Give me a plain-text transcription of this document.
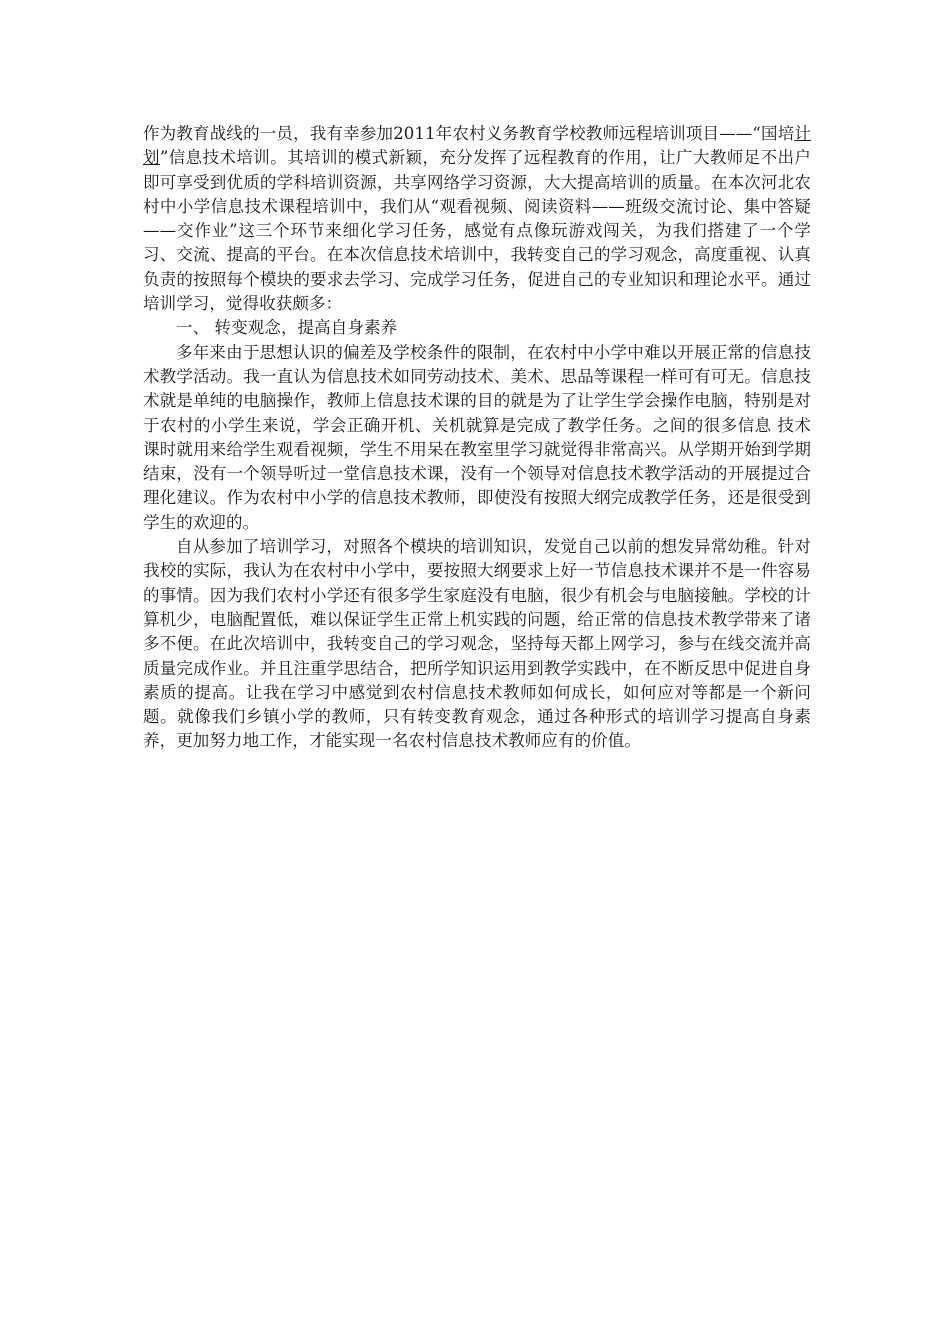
作为教育战线的一员，我有幸参加2011年农村义务教育学校教师远程培训项目——“国培计划”信息技术培训。其培训的模式新颖，充分发挥了远程教育的作用，让广大教师足不出户即可享受到优质的学科培训资源，共享网络学习资源，大大提高培训的质量。在本次河北农村中小学信息技术课程培训中，我们从“观看视频、阅读资料——班级交流讨论、集中答疑——交作业”这三个环节来细化学习任务，感觉有点像玩游戏闯关，为我们搭建了一个学习、交流、提高的平台。在本次信息技术培训中，我转变自己的学习观念，高度重视、认真负责的按照每个模块的要求去学习、完成学习任务，促进自己的专业知识和理论水平。通过培训学习，觉得收获颇多：

一、 转变观念，提高自身素养

多年来由于思想认识的偏差及学校条件的限制，在农村中小学中难以开展正常的信息技术教学活动。我一直认为信息技术如同劳动技术、美术、思品等课程一样可有可无。信息技术就是单纯的电脑操作，教师上信息技术课的目的就是为了让学生学会操作电脑，特别是对于农村的小学生来说，学会正确开机、关机就算是完成了教学任务。之间的很多信息 技术课时就用来给学生观看视频，学生不用呆在教室里学习就觉得非常高兴。从学期开始到学期结束，没有一个领导听过一堂信息技术课，没有一个领导对信息技术教学活动的开展提过合理化建议。作为农村中小学的信息技术教师，即使没有按照大纲完成教学任务，还是很受到学生的欢迎的。

自从参加了培训学习，对照各个模块的培训知识，发觉自己以前的想发异常幼稚。针对我校的实际，我认为在农村中小学中，要按照大纲要求上好一节信息技术课并不是一件容易的事情。因为我们农村小学还有很多学生家庭没有电脑，很少有机会与电脑接触。学校的计算机少，电脑配置低，难以保证学生正常上机实践的问题，给正常的信息技术教学带来了诸多不便。在此次培训中，我转变自己的学习观念，坚持每天都上网学习，参与在线交流并高质量完成作业。并且注重学思结合，把所学知识运用到教学实践中，在不断反思中促进自身素质的提高。让我在学习中感觉到农村信息技术教师如何成长，如何应对等都是一个新问题。就像我们乡镇小学的教师，只有转变教育观念，通过各种形式的培训学习提高自身素养，更加努力地工作，才能实现一名农村信息技术教师应有的价值。
